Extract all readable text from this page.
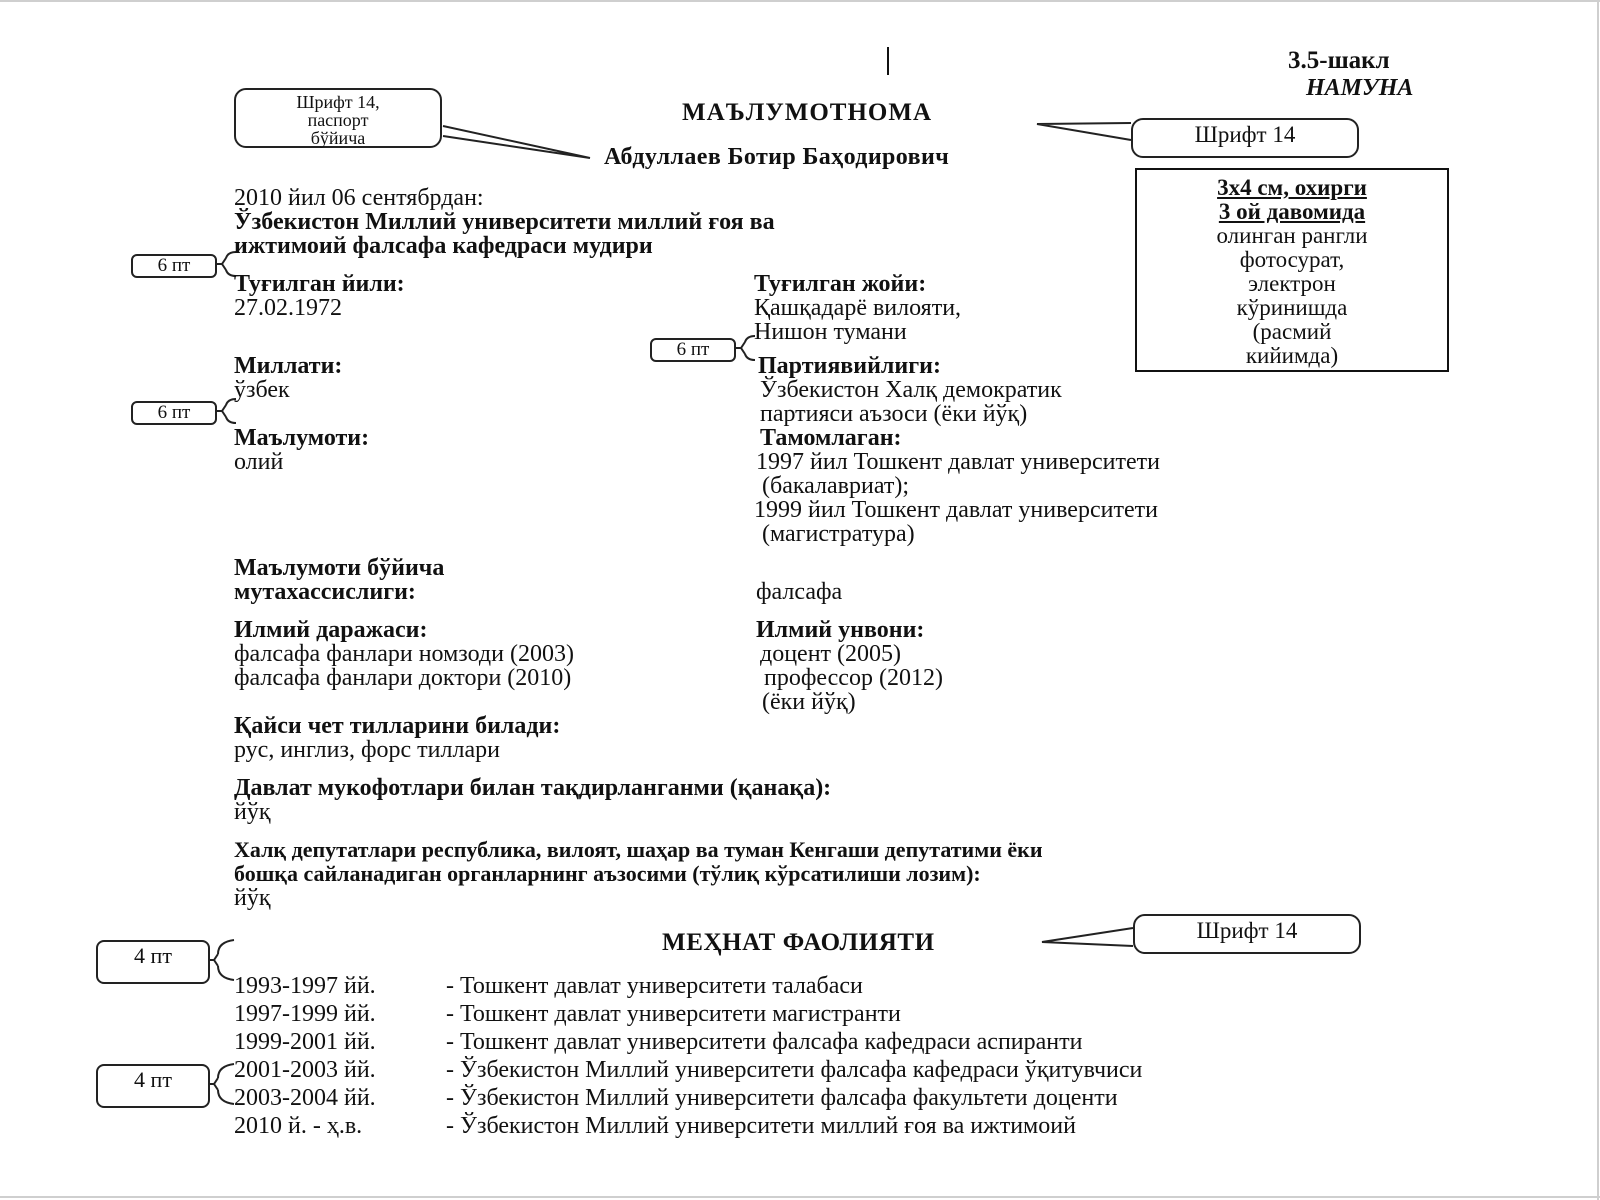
3.5-шакл
НАМУНА
МАЪЛУМОТНОМА
Абдуллаев Ботир Баҳодирович
Шрифт 14,
паспорт
бўйича	Шрифт 14
3х4 см, охирги
3 ой давомида
олинган рангли
фотосурат,
электрон
кўринишда
(расмий
кийимда)
2010 йил 06 сентябрдан:
Ўзбекистон Миллий университети миллий ғоя ва
ижтимоий фалсафа кафедраси мудири
6 пт
6 пт
6 пт
Туғилган йили:
27.02.1972
Туғилган жойи:
Қашқадарё вилояти,
Нишон тумани
Миллати:
ўзбек
Партиявийлиги:
Ўзбекистон Халқ демократик
партияси аъзоси (ёки йўқ)
Маълумоти:
олий
Тамомлаган:
1997 йил Тошкент давлат университети
(бакалавриат);
1999 йил Тошкент давлат университети
(магистратура)
Маълумоти бўйича
мутахассислиги:	фалсафа
Илмий даражаси:
фалсафа фанлари номзоди (2003)
фалсафа фанлари доктори (2010)
Илмий унвони:
доцент (2005)
профессор (2012)
(ёки йўқ)
Қайси чет тилларини билади:
рус, инглиз, форс тиллари
Давлат мукофотлари билан тақдирланганми (қанақа):
йўқ
Халқ депутатлари республика, вилоят, шаҳар ва туман Кенгаши депутатими ёки
бошқа сайланадиган органларнинг аъзосими (тўлиқ кўрсатилиши лозим):
йўқ
МЕҲНАТ ФАОЛИЯТИ	Шрифт 14
4 пт
4 пт
1993-1997 йй.	- Тошкент давлат университети талабаси
1997-1999 йй.	- Тошкент давлат университети магистранти
1999-2001 йй.	- Тошкент давлат университети фалсафа кафедраси аспиранти
2001-2003 йй.	- Ўзбекистон Миллий университети фалсафа кафедраси ўқитувчиси
2003-2004 йй.	- Ўзбекистон Миллий университети фалсафа факультети доценти
2010 й. - ҳ.в.	- Ўзбекистон Миллий университети миллий ғоя ва ижтимоий
